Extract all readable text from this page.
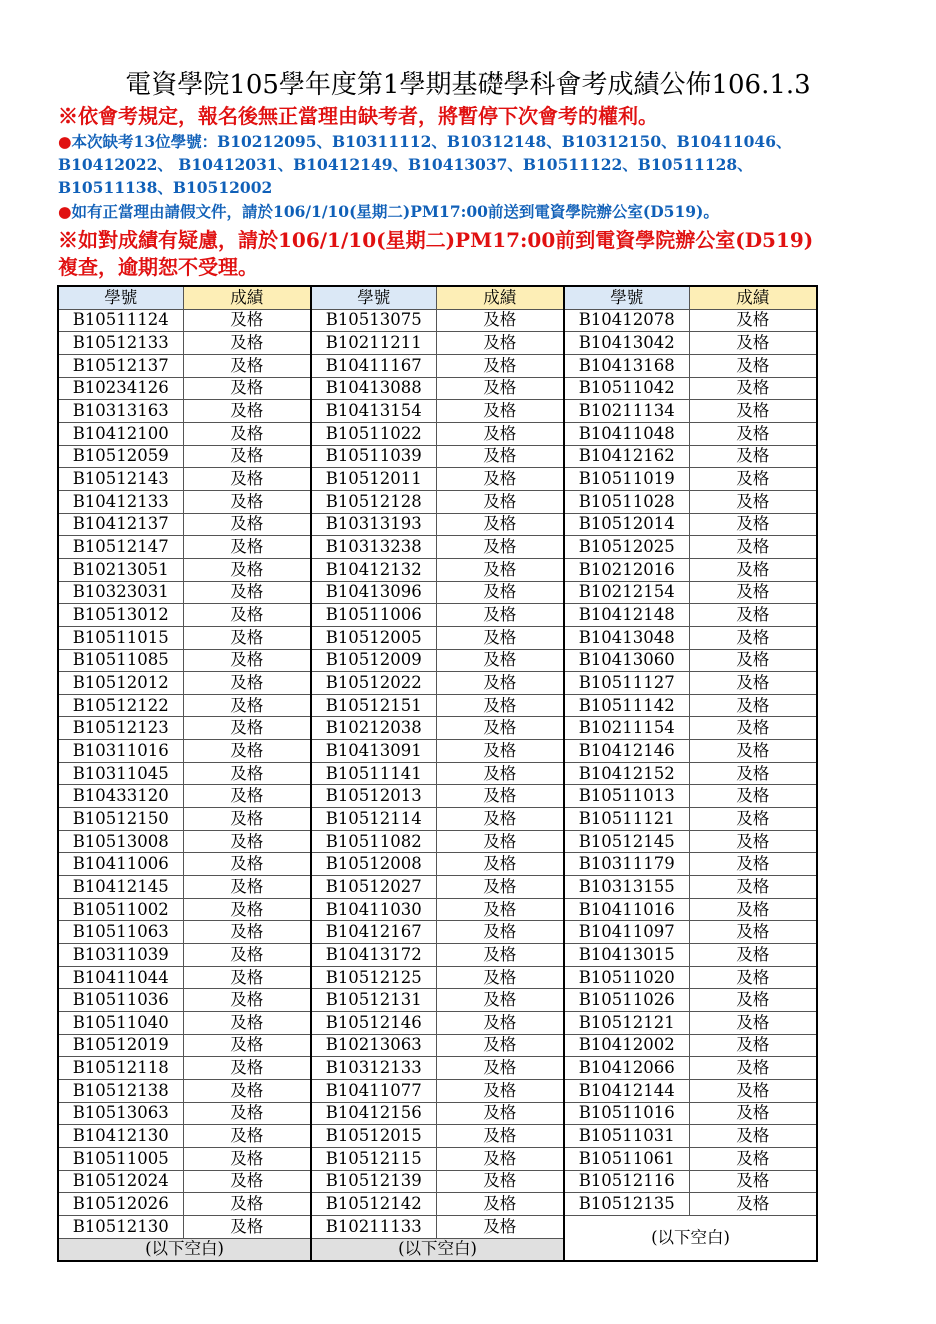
電資學院105學年度第1學期基礎學科會考成績公佈106.1.3

※依會考規定，報名後無正當理由缺考者，將暫停下次會考的權利。

●本次缺考13位學號：B10212095、B10311112、B10312148、B10312150、B10411046、B10412022、 B10412031、B10412149、B10413037、B10511122、B10511128、B10511138、B10512002

●如有正當理由請假文件，請於106/1/10(星期二)PM17:00前送到電資學院辦公室(D519)。

※如對成績有疑慮，請於106/1/10(星期二)PM17:00前到電資學院辦公室(D519)複查，逾期恕不受理。

學號	成績	學號	成績	學號	成績
B10511124	及格	B10513075	及格	B10412078	及格
B10512133	及格	B10211211	及格	B10413042	及格
B10512137	及格	B10411167	及格	B10413168	及格
B10234126	及格	B10413088	及格	B10511042	及格
B10313163	及格	B10413154	及格	B10211134	及格
B10412100	及格	B10511022	及格	B10411048	及格
B10512059	及格	B10511039	及格	B10412162	及格
B10512143	及格	B10512011	及格	B10511019	及格
B10412133	及格	B10512128	及格	B10511028	及格
B10412137	及格	B10313193	及格	B10512014	及格
B10512147	及格	B10313238	及格	B10512025	及格
B10213051	及格	B10412132	及格	B10212016	及格
B10323031	及格	B10413096	及格	B10212154	及格
B10513012	及格	B10511006	及格	B10412148	及格
B10511015	及格	B10512005	及格	B10413048	及格
B10511085	及格	B10512009	及格	B10413060	及格
B10512012	及格	B10512022	及格	B10511127	及格
B10512122	及格	B10512151	及格	B10511142	及格
B10512123	及格	B10212038	及格	B10211154	及格
B10311016	及格	B10413091	及格	B10412146	及格
B10311045	及格	B10511141	及格	B10412152	及格
B10433120	及格	B10512013	及格	B10511013	及格
B10512150	及格	B10512114	及格	B10511121	及格
B10513008	及格	B10511082	及格	B10512145	及格
B10411006	及格	B10512008	及格	B10311179	及格
B10412145	及格	B10512027	及格	B10313155	及格
B10511002	及格	B10411030	及格	B10411016	及格
B10511063	及格	B10412167	及格	B10411097	及格
B10311039	及格	B10413172	及格	B10413015	及格
B10411044	及格	B10512125	及格	B10511020	及格
B10511036	及格	B10512131	及格	B10511026	及格
B10511040	及格	B10512146	及格	B10512121	及格
B10512019	及格	B10213063	及格	B10412002	及格
B10512118	及格	B10312133	及格	B10412066	及格
B10512138	及格	B10411077	及格	B10412144	及格
B10513063	及格	B10412156	及格	B10511016	及格
B10412130	及格	B10512015	及格	B10511031	及格
B10511005	及格	B10512115	及格	B10511061	及格
B10512024	及格	B10512139	及格	B10512116	及格
B10512026	及格	B10512142	及格	B10512135	及格
B10512130	及格	B10211133	及格	(以下空白)	
(以下空白)		(以下空白)			
